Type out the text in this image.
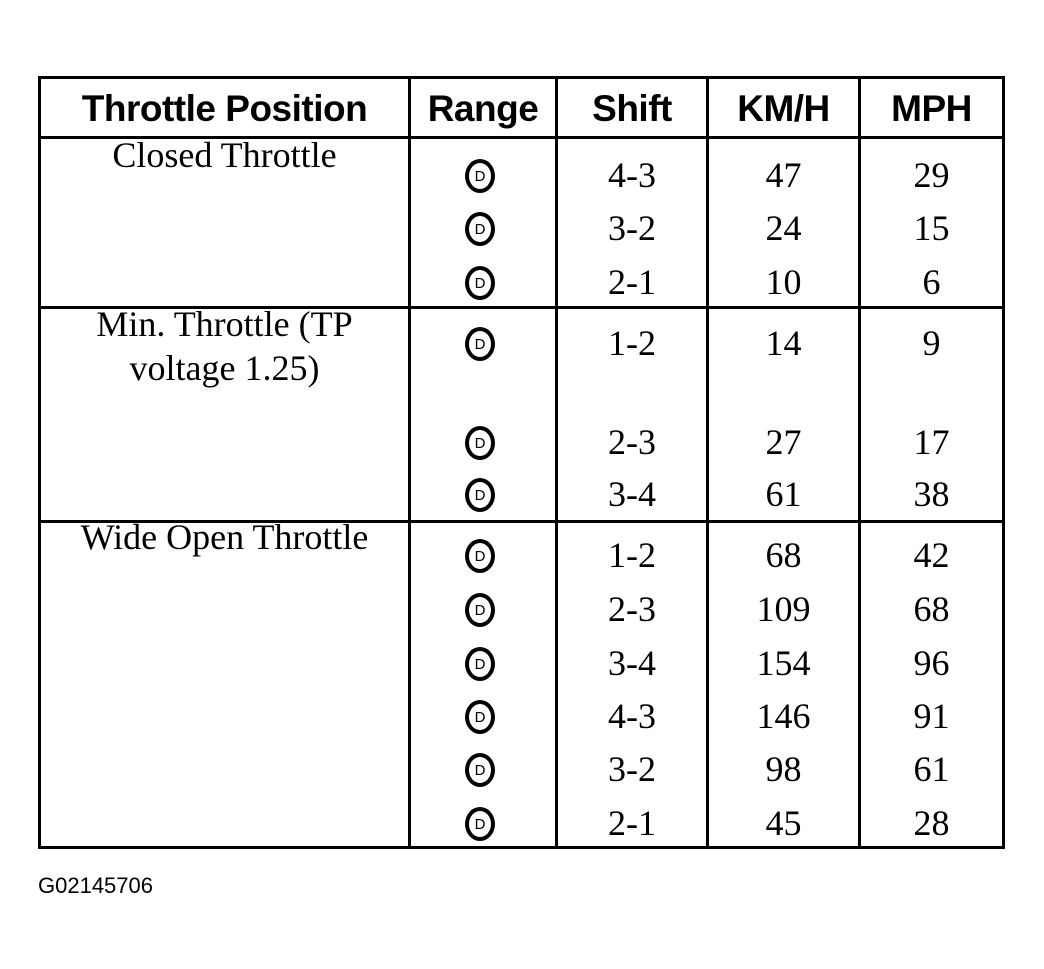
Throttle Position	Range	Shift	KM/H	MPH
Closed Throttle
D	4-3	47	29
D	3-2	24	15
D	2-1	10	6
Min. Throttle (TP voltage 1.25)
D	1-2	14	9
D	2-3	27	17
D	3-4	61	38
Wide Open Throttle	D	1-2	68	42
D	2-3	109	68
D	3-4	154	96
D	4-3	146	91
D	3-2	98	61
D	2-1	45	28
G02145706
